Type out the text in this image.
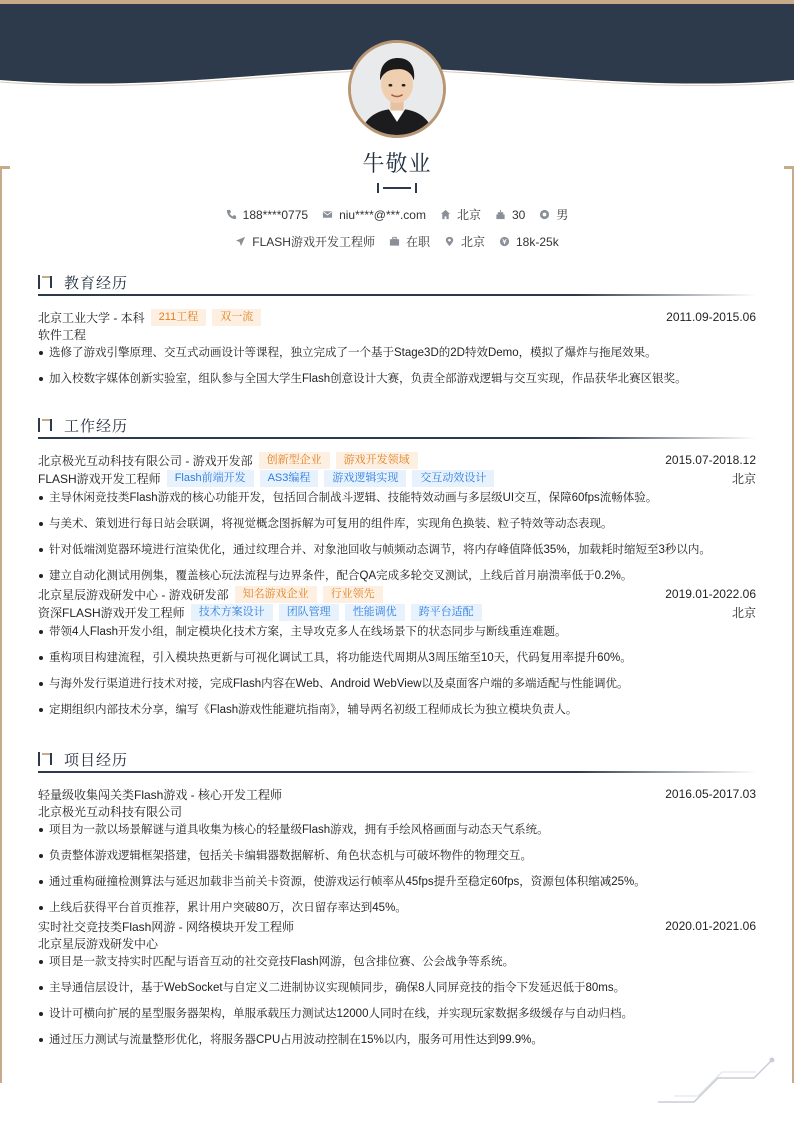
牛敬业
188****0775	niu****@***.com	北京	30	男
FLASH游戏开发工程师	在职	北京	18k-25k
教育经历
北京工业大学 - 本科	211工程	双一流	2011.09-2015.06
软件工程
选修了游戏引擎原理、交互式动画设计等课程，独立完成了一个基于Stage3D的2D特效Demo，模拟了爆炸与拖尾效果。
加入校数字媒体创新实验室，组队参与全国大学生Flash创意设计大赛，负责全部游戏逻辑与交互实现，作品获华北赛区银奖。
工作经历
北京极光互动科技有限公司 - 游戏开发部	创新型企业	游戏开发领域	2015.07-2018.12
FLASH游戏开发工程师	Flash前端开发	AS3编程	游戏逻辑实现	交互动效设计	北京
主导休闲竞技类Flash游戏的核心功能开发，包括回合制战斗逻辑、技能特效动画与多层级UI交互，保障60fps流畅体验。
与美术、策划进行每日站会联调，将视觉概念图拆解为可复用的组件库，实现角色换装、粒子特效等动态表现。
针对低端浏览器环境进行渲染优化，通过纹理合并、对象池回收与帧频动态调节，将内存峰值降低35%，加载耗时缩短至3秒以内。
建立自动化测试用例集，覆盖核心玩法流程与边界条件，配合QA完成多轮交叉测试，上线后首月崩溃率低于0.2%。
北京星辰游戏研发中心 - 游戏研发部	知名游戏企业	行业领先	2019.01-2022.06
资深FLASH游戏开发工程师	技术方案设计	团队管理	性能调优	跨平台适配	北京
带领4人Flash开发小组，制定模块化技术方案，主导攻克多人在线场景下的状态同步与断线重连难题。
重构项目构建流程，引入模块热更新与可视化调试工具，将功能迭代周期从3周压缩至10天，代码复用率提升60%。
与海外发行渠道进行技术对接，完成Flash内容在Web、Android WebView以及桌面客户端的多端适配与性能调优。
定期组织内部技术分享，编写《Flash游戏性能避坑指南》，辅导两名初级工程师成长为独立模块负责人。
项目经历
轻量级收集闯关类Flash游戏 - 核心开发工程师	2016.05-2017.03
北京极光互动科技有限公司
项目为一款以场景解谜与道具收集为核心的轻量级Flash游戏，拥有手绘风格画面与动态天气系统。
负责整体游戏逻辑框架搭建，包括关卡编辑器数据解析、角色状态机与可破坏物件的物理交互。
通过重构碰撞检测算法与延迟加载非当前关卡资源，使游戏运行帧率从45fps提升至稳定60fps，资源包体积缩减25%。
上线后获得平台首页推荐，累计用户突破80万，次日留存率达到45%。
实时社交竞技类Flash网游 - 网络模块开发工程师	2020.01-2021.06
北京星辰游戏研发中心
项目是一款支持实时匹配与语音互动的社交竞技Flash网游，包含排位赛、公会战争等系统。
主导通信层设计，基于WebSocket与自定义二进制协议实现帧同步，确保8人同屏竞技的指令下发延迟低于80ms。
设计可横向扩展的星型服务器架构，单服承载压力测试达12000人同时在线，并实现玩家数据多级缓存与自动归档。
通过压力测试与流量整形优化，将服务器CPU占用波动控制在15%以内，服务可用性达到99.9%。
